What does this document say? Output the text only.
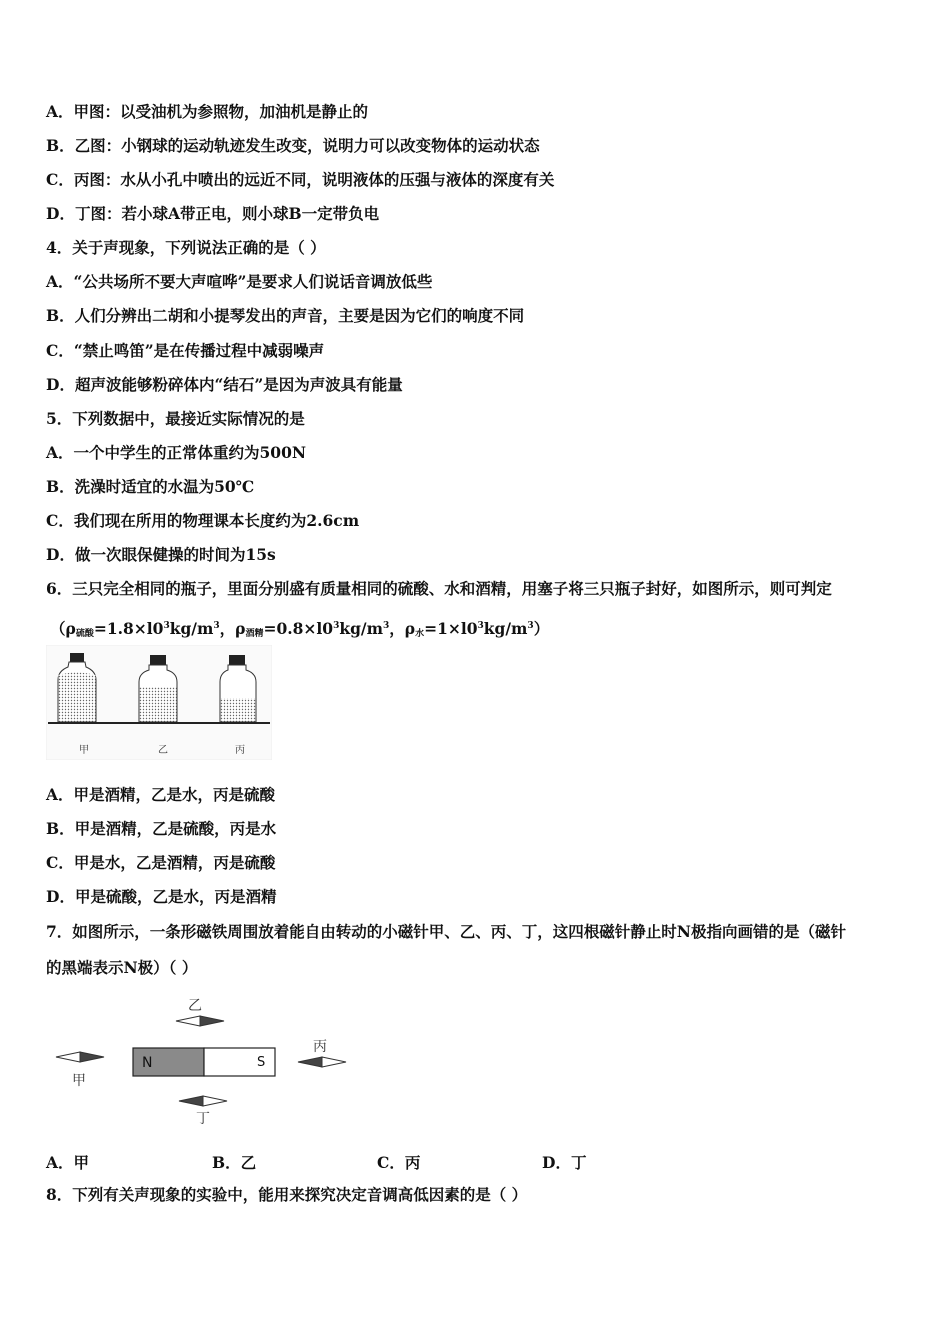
A．甲图：以受油机为参照物，加油机是静止的
B．乙图：小钢球的运动轨迹发生改变，说明力可以改变物体的运动状态
C．丙图：水从小孔中喷出的远近不同，说明液体的压强与液体的深度有关
D．丁图：若小球A带正电，则小球B一定带负电
4．关于声现象，下列说法正确的是（ ）
A．“公共场所不要大声喧哗”是要求人们说话音调放低些
B．人们分辨出二胡和小提琴发出的声音，主要是因为它们的响度不同
C．“禁止鸣笛”是在传播过程中减弱噪声
D．超声波能够粉碎体内“结石”是因为声波具有能量
5．下列数据中，最接近实际情况的是
A．一个中学生的正常体重约为500N
B．洗澡时适宜的水温为50℃
C．我们现在所用的物理课本长度约为2.6cm
D．做一次眼保健操的时间为15s
6．三只完全相同的瓶子，里面分别盛有质量相同的硫酸、水和酒精，用塞子将三只瓶子封好，如图所示，则可判定
（ρ硫酸$=1.8\times l0^3kg/m^3$，ρ酒精$=0.8\times l0^3kg/m^3$，ρ水$=1\times l0^3kg/m^3$）
甲	乙	丙
A．甲是酒精，乙是水，丙是硫酸
B．甲是酒精，乙是硫酸，丙是水
C．甲是水，乙是酒精，丙是硫酸
D．甲是硫酸，乙是水，丙是酒精
7．如图所示，一条形磁铁周围放着能自由转动的小磁针甲、乙、丙、丁，这四根磁针静止时N极指向画错的是（磁针
的黑端表示N极）（ ）
乙
N	S
甲
丙
丁
A．甲	B．乙	C．丙	D．丁
8．下列有关声现象的实验中，能用来探究决定音调高低因素的是（ ）
